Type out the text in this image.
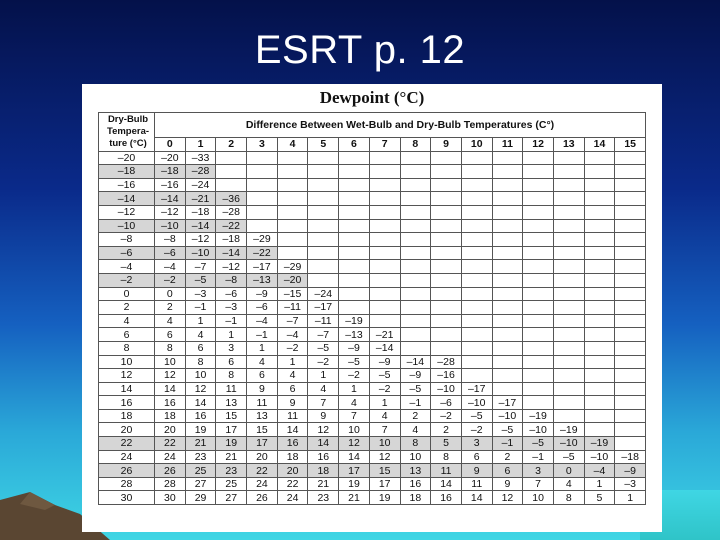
ESRT p. 12
Dewpoint (°C)
Dry-Bulb
Tempera-
ture (°C)	Difference Between Wet-Bulb and Dry-Bulb Temperatures (C°)															
	0	1	2	3	4	5	6	7	8	9	10	11	12	13	14	15
–20	–20	–33														
–18	–18	–28														
–16	–16	–24														
–14	–14	–21	–36													
–12	–12	–18	–28													
–10	–10	–14	–22													
–8	–8	–12	–18	–29												
–6	–6	–10	–14	–22												
–4	–4	–7	–12	–17	–29											
–2	–2	–5	–8	–13	–20											
0	0	–3	–6	–9	–15	–24										
2	2	–1	–3	–6	–11	–17										
4	4	1	–1	–4	–7	–11	–19									
6	6	4	1	–1	–4	–7	–13	–21								
8	8	6	3	1	–2	–5	–9	–14								
10	10	8	6	4	1	–2	–5	–9	–14	–28						
12	12	10	8	6	4	1	–2	–5	–9	–16						
14	14	12	11	9	6	4	1	–2	–5	–10	–17					
16	16	14	13	11	9	7	4	1	–1	–6	–10	–17				
18	18	16	15	13	11	9	7	4	2	–2	–5	–10	–19			
20	20	19	17	15	14	12	10	7	4	2	–2	–5	–10	–19		
22	22	21	19	17	16	14	12	10	8	5	3	–1	–5	–10	–19	
24	24	23	21	20	18	16	14	12	10	8	6	2	–1	–5	–10	–18
26	26	25	23	22	20	18	17	15	13	11	9	6	3	0	–4	–9
28	28	27	25	24	22	21	19	17	16	14	11	9	7	4	1	–3
30	30	29	27	26	24	23	21	19	18	16	14	12	10	8	5	1
